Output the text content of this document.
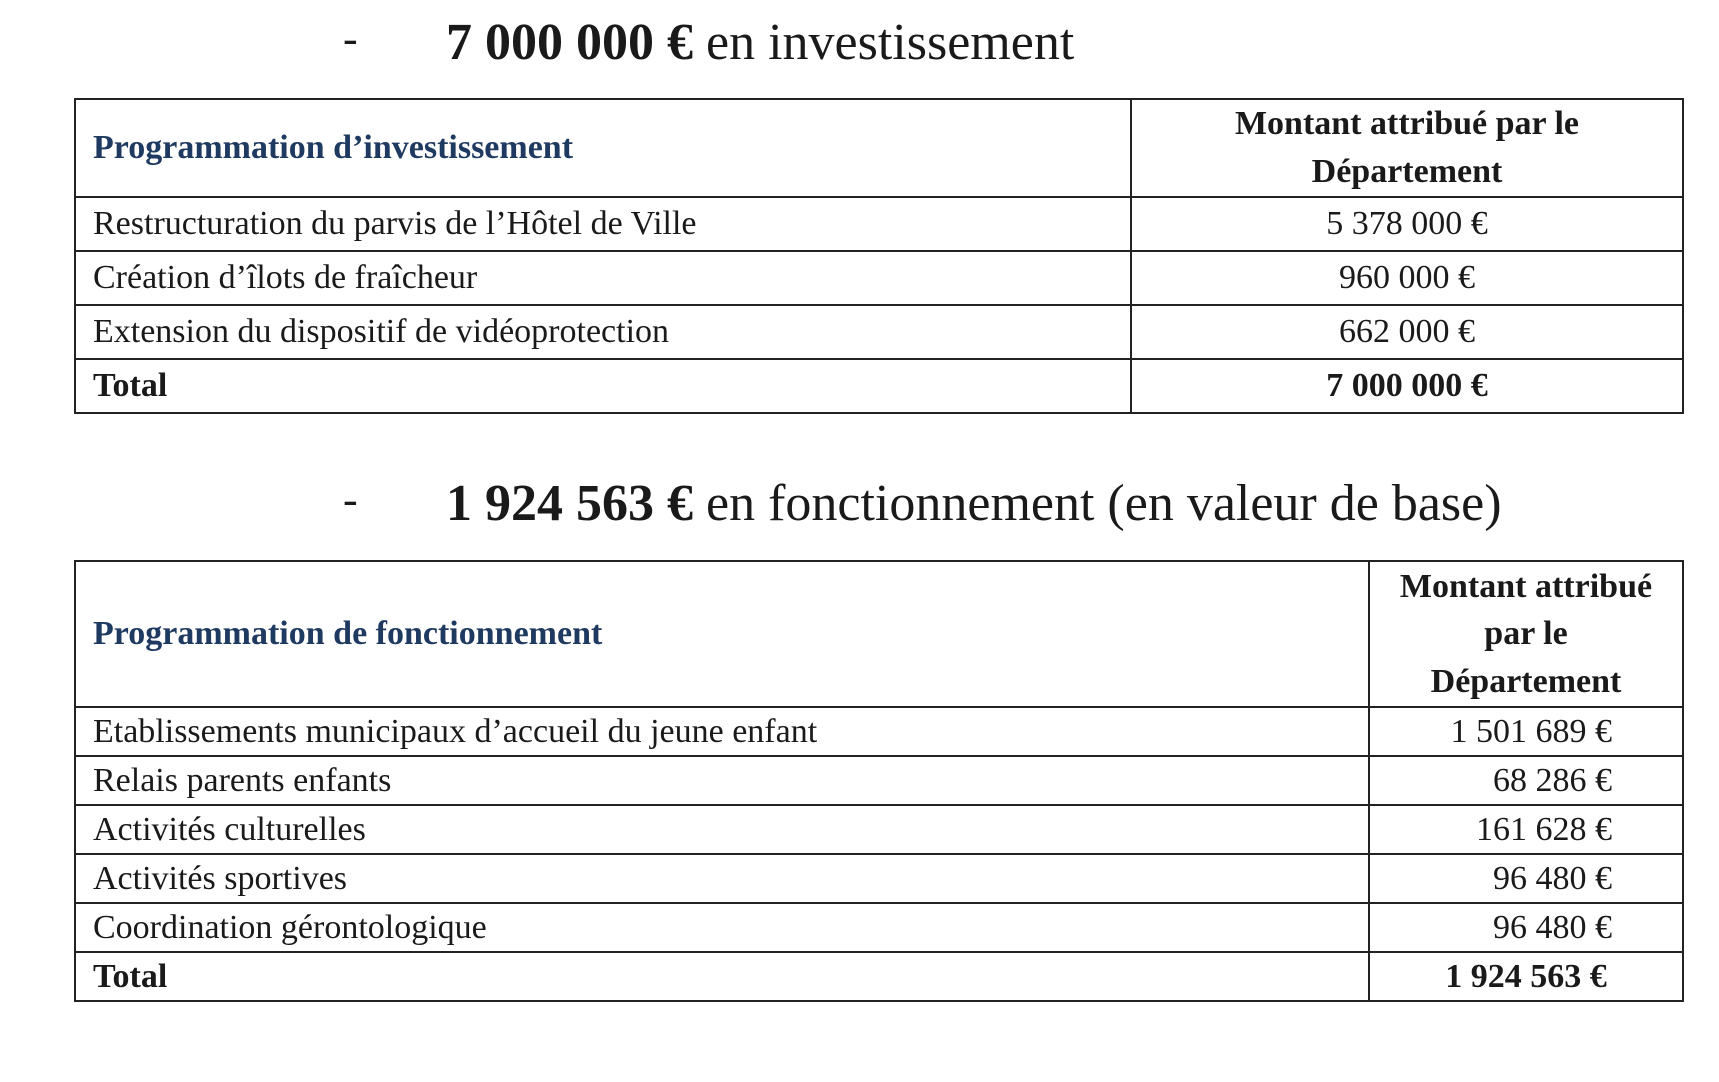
- 7 000 000 € en investissement
Programmation d’investissement	Montant attribué par le
Département
Restructuration du parvis de l’Hôtel de Ville	5 378 000 €
Création d’îlots de fraîcheur	960 000 €
Extension du dispositif de vidéoprotection	662 000 €
Total	7 000 000 €
- 1 924 563 € en fonctionnement (en valeur de base)
Programmation de fonctionnement	Montant attribué
par le
Département
Etablissements municipaux d’accueil du jeune enfant	1 501 689 €
Relais parents enfants	68 286 €
Activités culturelles	161 628 €
Activités sportives	96 480 €
Coordination gérontologique	96 480 €
Total	1 924 563 €
